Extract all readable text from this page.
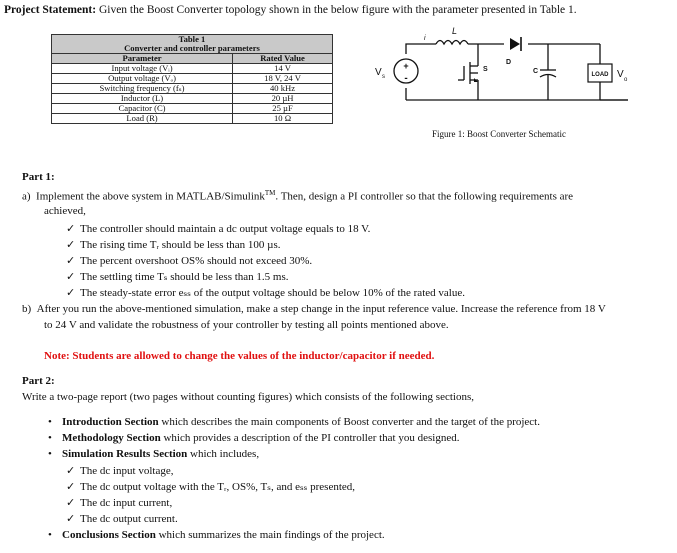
Project Statement: Given the Boost Converter topology shown in the below figure with the parameter presented in Table 1.
Table 1	
Converter and controller parameters	
Parameter	Rated Value
Input voltage (Vᵢ)	14 V
Output voltage (Vₒ)	18 V, 24 V
Switching frequency (fₛ)	40 kHz
Inductor (L)	20 µH
Capacitor (C)	25 µF
Load (R)	10 Ω
LOAD
+
-
V s	V o
L
i
S
D
C
Figure 1: Boost Converter Schematic
Part 1:
a) Implement the above system in MATLAB/Simulink™. Then, design a PI controller so that the following requirements are
achieved,
✓ The controller should maintain a dc output voltage equals to 18 V.
✓ The rising time Tᵣ should be less than 100 µs.
✓ The percent overshoot OS% should not exceed 30%.
✓ The settling time Tₛ should be less than 1.5 ms.
✓ The steady-state error eₛₛ of the output voltage should be below 10% of the rated value.
b) After you run the above-mentioned simulation, make a step change in the input reference value. Increase the reference from 18 V
to 24 V and validate the robustness of your controller by testing all points mentioned above.
Note: Students are allowed to change the values of the inductor/capacitor if needed.
Part 2:
Write a two-page report (two pages without counting figures) which consists of the following sections,
• Introduction Section which describes the main components of Boost converter and the target of the project.
• Methodology Section which provides a description of the PI controller that you designed.
• Simulation Results Section which includes,
✓ The dc input voltage,
✓ The dc output voltage with the Tᵣ, OS%, Tₛ, and eₛₛ presented,
✓ The dc input current,
✓ The dc output current.
• Conclusions Section which summarizes the main findings of the project.
